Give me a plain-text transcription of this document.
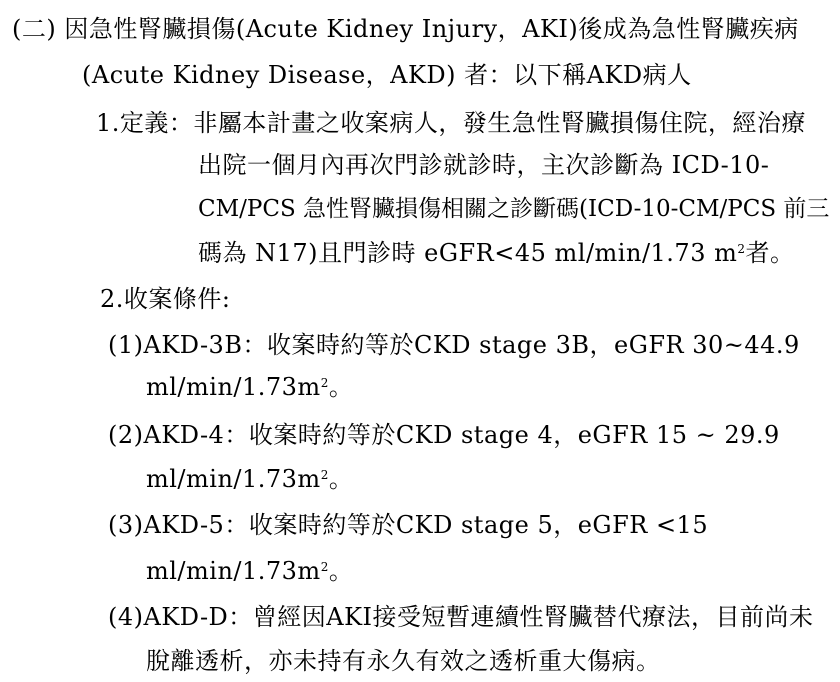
(二) 因急性腎臟損傷(Acute Kidney Injury，AKI)後成為急性腎臟疾病
(Acute Kidney Disease，AKD) 者：以下稱AKD病人
1.定義：非屬本計畫之收案病人，發生急性腎臟損傷住院，經治療
出院一個月內再次門診就診時，主次診斷為 ICD-10-
CM/PCS 急性腎臟損傷相關之診斷碼(ICD-10-CM/PCS 前三
碼為 N17)且門診時 eGFR<45 ml/min/1.73 $m^2$者。
2.收案條件:
(1)AKD-3B：收案時約等於CKD stage 3B，eGFR 30~44.9
$ml/\min/1.73m^2$。
(2)AKD-4：收案時約等於CKD stage 4，eGFR 15 ~ 29.9
$ml/\min/1.73m^2$。
(3)AKD-5：收案時約等於CKD stage 5，eGFR <15
$ml/\min/1.73m^2$。
(4)AKD-D：曾經因AKI接受短暫連續性腎臟替代療法，目前尚未
脫離透析，亦未持有永久有效之透析重大傷病。
